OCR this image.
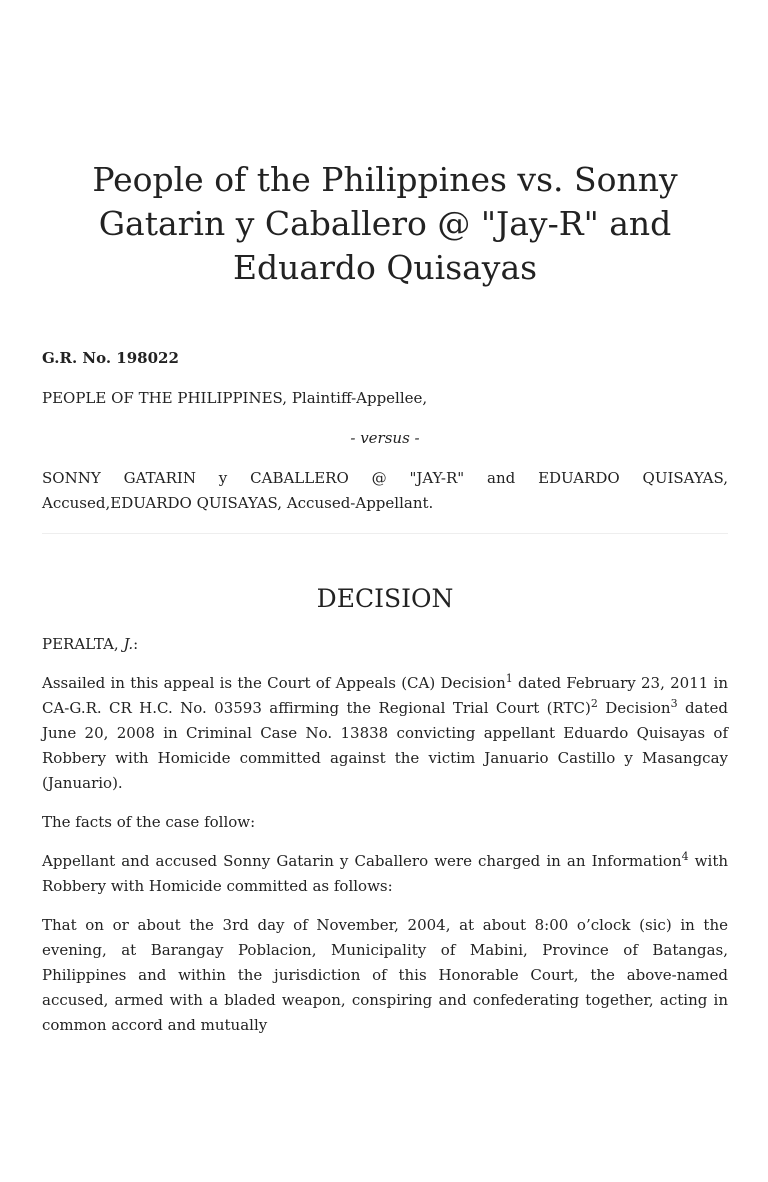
People of the Philippines vs. Sonny Gatarin y Caballero @ "Jay-R" and Eduardo Quisayas

G.R. No. 198022

PEOPLE OF THE PHILIPPINES, Plaintiff-Appellee,

- versus -

SONNY GATARIN y CABALLERO @ "JAY-R" and EDUARDO QUISAYAS, Accused,EDUARDO QUISAYAS, Accused-Appellant.

DECISION

PERALTA, J.:

Assailed in this appeal is the Court of Appeals (CA) Decision$^1$ dated February 23, 2011 in CA-G.R. CR H.C. No. 03593 affirming the Regional Trial Court (RTC)$^2$ Decision$^3$ dated June 20, 2008 in Criminal Case No. 13838 convicting appellant Eduardo Quisayas of Robbery with Homicide committed against the victim Januario Castillo y Masangcay (Januario).

The facts of the case follow:

Appellant and accused Sonny Gatarin y Caballero were charged in an Information$^4$ with Robbery with Homicide committed as follows:

That on or about the 3rd day of November, 2004, at about 8:00 o’clock (sic) in the evening, at Barangay Poblacion, Municipality of Mabini, Province of Batangas, Philippines and within the jurisdiction of this Honorable Court, the above-named accused, armed with a bladed weapon, conspiring and confederating together, acting in common accord and mutually
